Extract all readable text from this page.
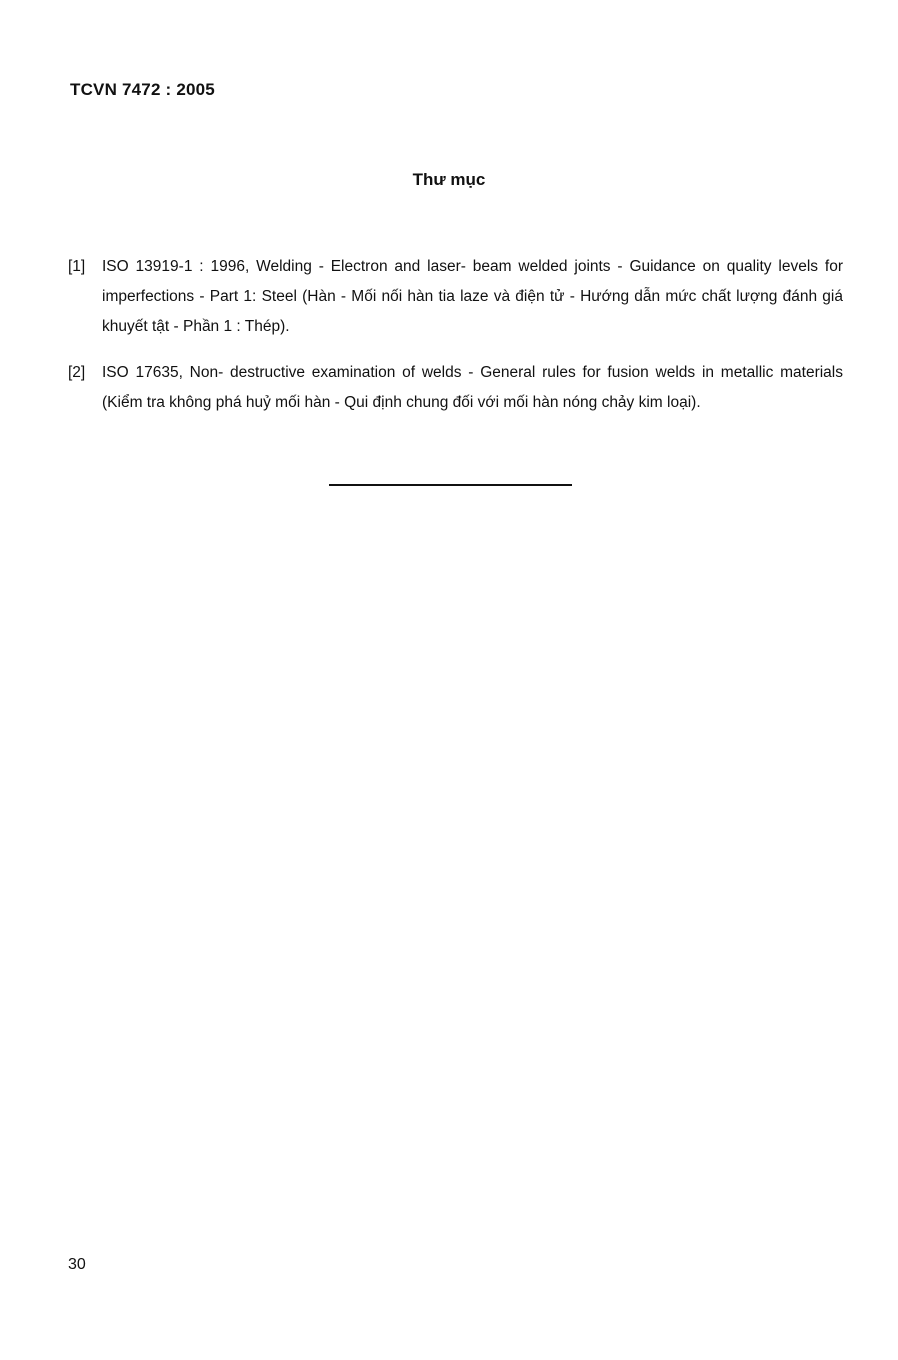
TCVN 7472 : 2005
Thư mục
[1]	ISO 13919-1 : 1996, Welding - Electron and laser- beam welded joints - Guidance on quality levels for imperfections - Part 1: Steel (Hàn - Mối nối hàn tia laze và điện tử - Hướng dẫn mức chất lượng đánh giá khuyết tật - Phần 1 : Thép).
[2]	ISO 17635, Non- destructive examination of welds - General rules for fusion welds in metallic materials (Kiểm tra không phá huỷ mối hàn - Qui định chung đối với mối hàn nóng chảy kim loại).
30
